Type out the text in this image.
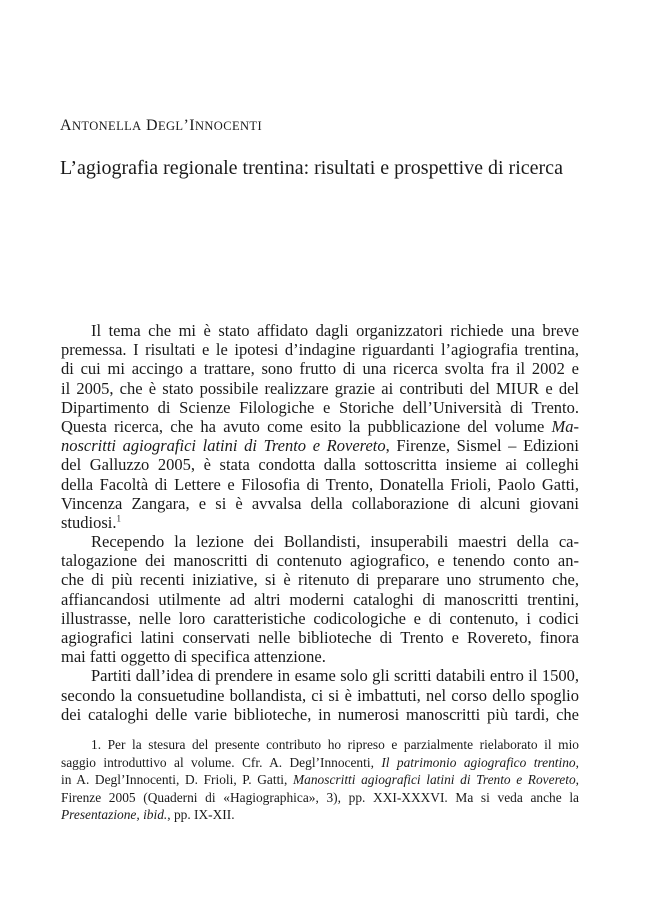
ANTONELLA DEGL’INNOCENTI
L’agiografia regionale trentina: risultati e prospettive di ricerca
Il tema che mi è stato affidato dagli organizzatori richiede una breve
premessa. I risultati e le ipotesi d’indagine riguardanti l’agiografia trentina,
di cui mi accingo a trattare, sono frutto di una ricerca svolta fra il 2002 e
il 2005, che è stato possibile realizzare grazie ai contributi del MIUR e del
Dipartimento di Scienze Filologiche e Storiche dell’Università di Trento.
Questa ricerca, che ha avuto come esito la pubblicazione del volume Ma-
noscritti agiografici latini di Trento e Rovereto, Firenze, Sismel – Edizioni
del Galluzzo 2005, è stata condotta dalla sottoscritta insieme ai colleghi
della Facoltà di Lettere e Filosofia di Trento, Donatella Frioli, Paolo Gatti,
Vincenza Zangara, e si è avvalsa della collaborazione di alcuni giovani
studiosi.$^1$
Recependo la lezione dei Bollandisti, insuperabili maestri della ca-
talogazione dei manoscritti di contenuto agiografico, e tenendo conto an-
che di più recenti iniziative, si è ritenuto di preparare uno strumento che,
affiancandosi utilmente ad altri moderni cataloghi di manoscritti trentini,
illustrasse, nelle loro caratteristiche codicologiche e di contenuto, i codici
agiografici latini conservati nelle biblioteche di Trento e Rovereto, finora
mai fatti oggetto di specifica attenzione.
Partiti dall’idea di prendere in esame solo gli scritti databili entro il 1500,
secondo la consuetudine bollandista, ci si è imbattuti, nel corso dello spoglio
dei cataloghi delle varie biblioteche, in numerosi manoscritti più tardi, che
1. Per la stesura del presente contributo ho ripreso e parzialmente rielaborato il mio
saggio introduttivo al volume. Cfr. A. Degl’Innocenti, Il patrimonio agiografico trentino,
in A. Degl’Innocenti, D. Frioli, P. Gatti, Manoscritti agiografici latini di Trento e Rovereto,
Firenze 2005 (Quaderni di «Hagiographica», 3), pp. XXI-XXXVI. Ma si veda anche la
Presentazione, ibid., pp. IX-XII.
